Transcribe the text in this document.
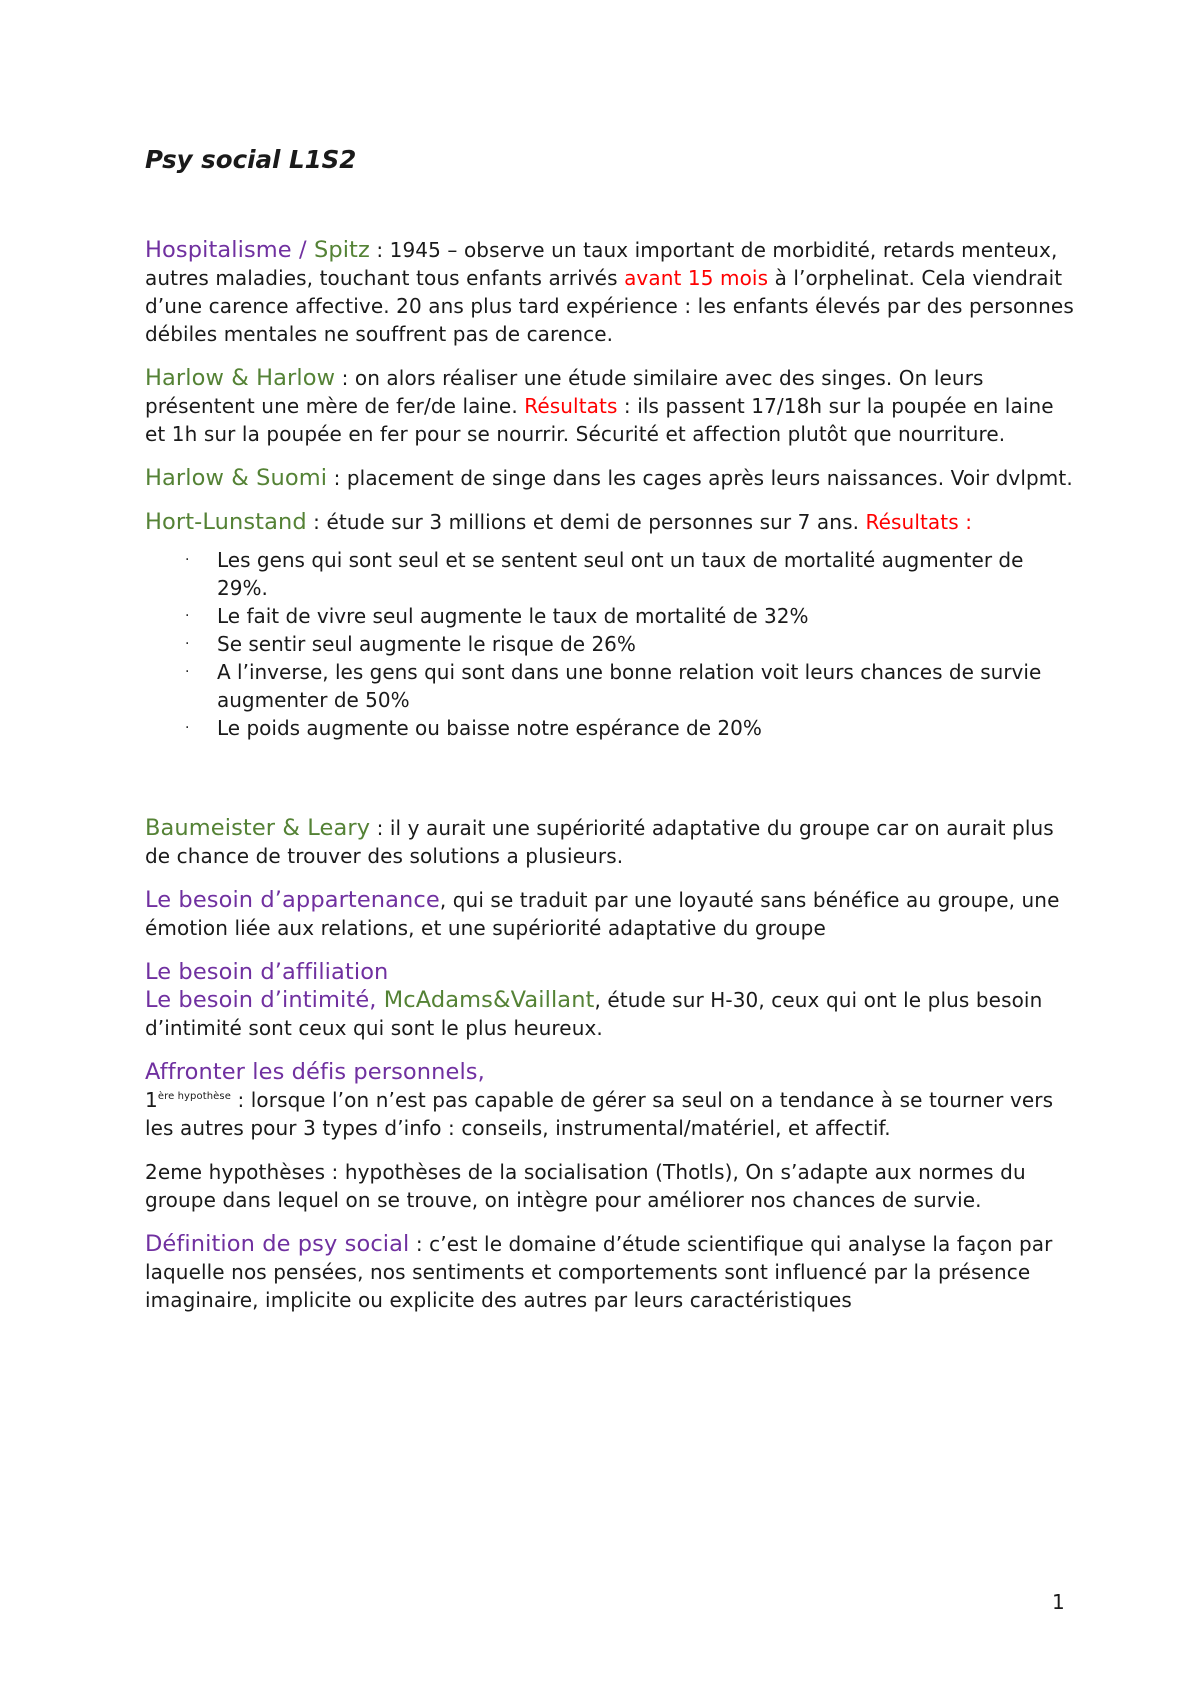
Psy social L1S2

Hospitalisme / Spitz : 1945 – observe un taux important de morbidité, retards menteux, autres maladies, touchant tous enfants arrivés avant 15 mois à l’orphelinat. Cela viendrait d’une carence affective. 20 ans plus tard expérience : les enfants élevés par des personnes débiles mentales ne souffrent pas de carence.

Harlow & Harlow : on alors réaliser une étude similaire avec des singes. On leurs présentent une mère de fer/de laine. Résultats : ils passent 17/18h sur la poupée en laine et 1h sur la poupée en fer pour se nourrir. Sécurité et affection plutôt que nourriture.

Harlow & Suomi : placement de singe dans les cages après leurs naissances. Voir dvlpmt.

Hort-Lunstand : étude sur 3 millions et demi de personnes sur 7 ans. Résultats :

· Les gens qui sont seul et se sentent seul ont un taux de mortalité augmenter de 29%.
· Le fait de vivre seul augmente le taux de mortalité de 32%
· Se sentir seul augmente le risque de 26%
· A l’inverse, les gens qui sont dans une bonne relation voit leurs chances de survie augmenter de 50%
· Le poids augmente ou baisse notre espérance de 20%

Baumeister & Leary : il y aurait une supériorité adaptative du groupe car on aurait plus de chance de trouver des solutions a plusieurs.

Le besoin d’appartenance, qui se traduit par une loyauté sans bénéfice au groupe, une émotion liée aux relations, et une supériorité adaptative du groupe

Le besoin d’affiliation
Le besoin d’intimité, McAdams&Vaillant, étude sur H-30, ceux qui ont le plus besoin d’intimité sont ceux qui sont le plus heureux.

Affronter les défis personnels,
$1^{ère hypothèse}$ : lorsque l’on n’est pas capable de gérer sa seul on a tendance à se tourner vers les autres pour 3 types d’info : conseils, instrumental/matériel, et affectif.

2eme hypothèses : hypothèses de la socialisation (Thotls), On s’adapte aux normes du groupe dans lequel on se trouve, on intègre pour améliorer nos chances de survie.

Définition de psy social : c’est le domaine d’étude scientifique qui analyse la façon par laquelle nos pensées, nos sentiments et comportements sont influencé par la présence imaginaire, implicite ou explicite des autres par leurs caractéristiques

1
